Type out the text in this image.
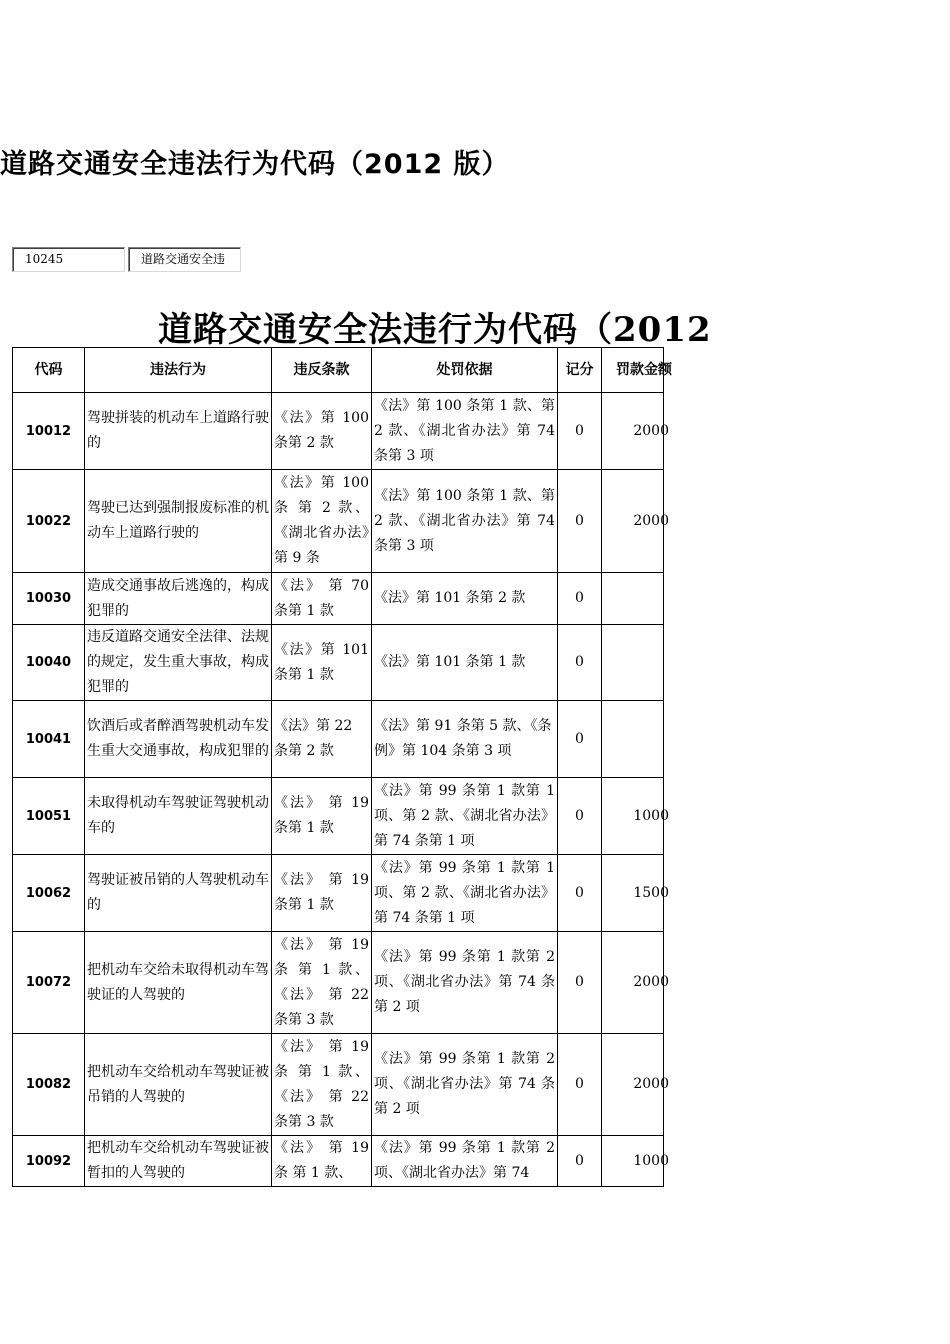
道路交通安全违法行为代码（2012 版）
10245	道路交通安全违
道路交通安全法违行为代码（2012
代码	违法行为	违反条款	处罚依据	记分	罚款金额
10012	驾驶拼装的机动车上道路行驶的	《法》第 100 条第 2 款	《法》第 100 条第 1 款、第 2 款、《湖北省办法》第 74 条第 3 项	0	2000
10022	驾驶已达到强制报废标准的机动车上道路行驶的	《法》第 100 条 第 2 款、《湖北省办法》第 9 条	《法》第 100 条第 1 款、第 2 款、《湖北省办法》第 74 条第 3 项	0	2000
10030	造成交通事故后逃逸的，构成犯罪的	《法》 第 70 条第 1 款	《法》第 101 条第 2 款	0	
10040	违反道路交通安全法律、法规的规定，发生重大事故，构成犯罪的	《法》第 101 条第 1 款	《法》第 101 条第 1 款	0	
10041	饮酒后或者醉酒驾驶机动车发生重大交通事故，构成犯罪的	《法》第 22 条第 2 款	《法》第 91 条第 5 款、《条例》第 104 条第 3 项	0	
10051	未取得机动车驾驶证驾驶机动车的	《法》 第 19 条第 1 款	《法》第 99 条第 1 款第 1 项、第 2 款、《湖北省办法》第 74 条第 1 项	0	1000
10062	驾驶证被吊销的人驾驶机动车的	《法》 第 19 条第 1 款	《法》第 99 条第 1 款第 1 项、第 2 款、《湖北省办法》第 74 条第 1 项	0	1500
10072	把机动车交给未取得机动车驾驶证的人驾驶的	《法》 第 19 条 第 1 款、《法》 第 22 条第 3 款	《法》第 99 条第 1 款第 2 项、《湖北省办法》第 74 条第 2 项	0	2000
10082	把机动车交给机动车驾驶证被吊销的人驾驶的	《法》 第 19 条 第 1 款、《法》 第 22 条第 3 款	《法》第 99 条第 1 款第 2 项、《湖北省办法》第 74 条第 2 项	0	2000
10092	把机动车交给机动车驾驶证被暂扣的人驾驶的	《法》 第 19 条 第 1 款、	《法》第 99 条第 1 款第 2 项、《湖北省办法》第 74	0	1000
